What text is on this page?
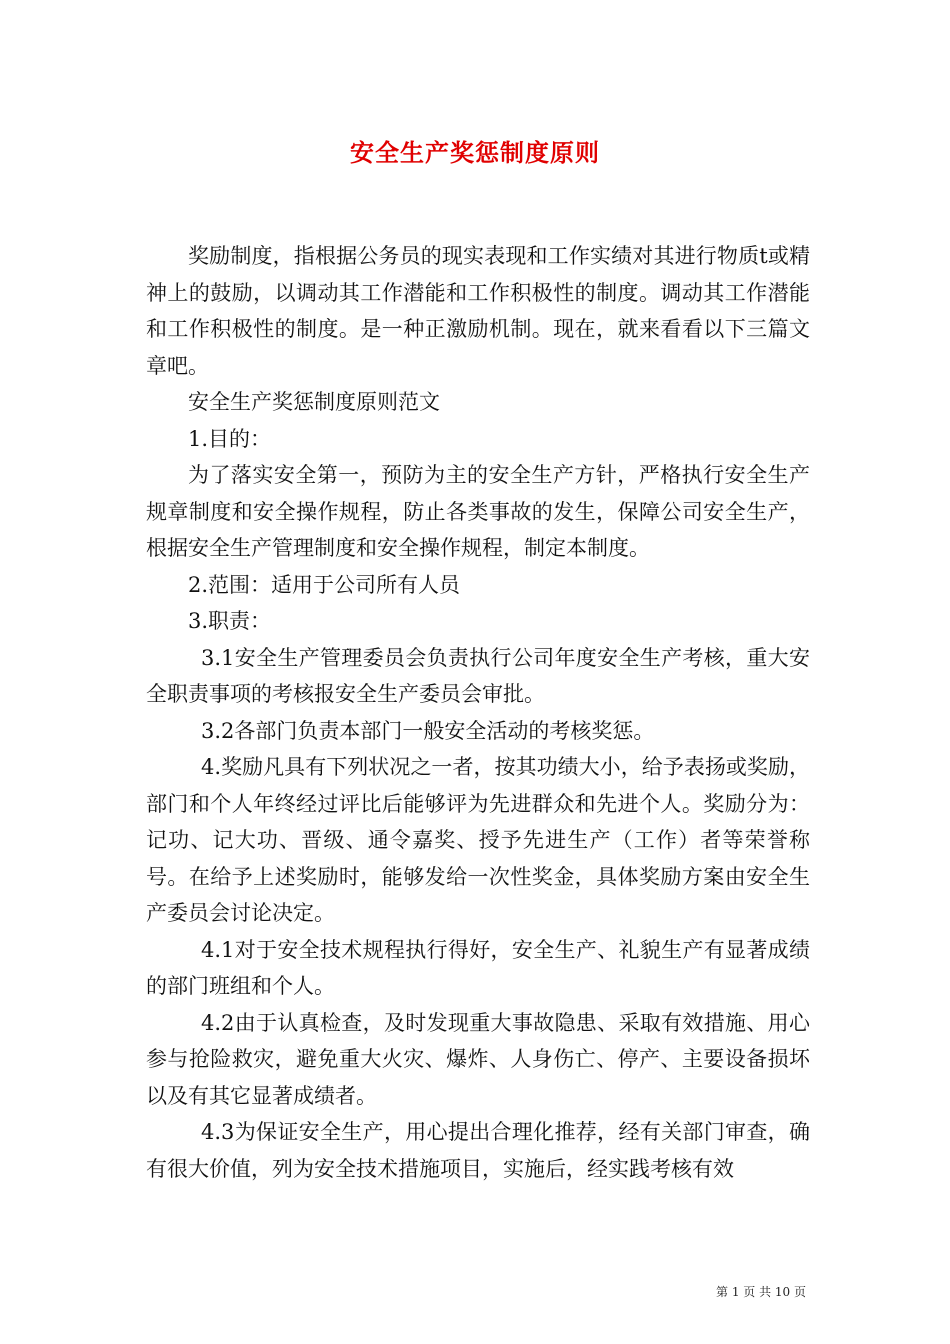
安全生产奖惩制度原则

奖励制度，指根据公务员的现实表现和工作实绩对其进行物质t或精神上的鼓励，以调动其工作潜能和工作积极性的制度。调动其工作潜能和工作积极性的制度。是一种正激励机制。现在，就来看看以下三篇文章吧。

安全生产奖惩制度原则范文

1.目的：

为了落实安全第一，预防为主的安全生产方针，严格执行安全生产规章制度和安全操作规程，防止各类事故的发生，保障公司安全生产，根据安全生产管理制度和安全操作规程，制定本制度。

2.范围：适用于公司所有人员

3.职责：

3.1安全生产管理委员会负责执行公司年度安全生产考核，重大安全职责事项的考核报安全生产委员会审批。

3.2各部门负责本部门一般安全活动的考核奖惩。

4.奖励凡具有下列状况之一者，按其功绩大小，给予表扬或奖励，部门和个人年终经过评比后能够评为先进群众和先进个人。奖励分为：记功、记大功、晋级、通令嘉奖、授予先进生产（工作）者等荣誉称号。在给予上述奖励时，能够发给一次性奖金，具体奖励方案由安全生产委员会讨论决定。

4.1对于安全技术规程执行得好，安全生产、礼貌生产有显著成绩的部门班组和个人。

4.2由于认真检查，及时发现重大事故隐患、采取有效措施、用心参与抢险救灾，避免重大火灾、爆炸、人身伤亡、停产、主要设备损坏以及有其它显著成绩者。

4.3为保证安全生产，用心提出合理化推荐，经有关部门审查，确有很大价值，列为安全技术措施项目，实施后，经实践考核有效

第 1 页 共 10 页
